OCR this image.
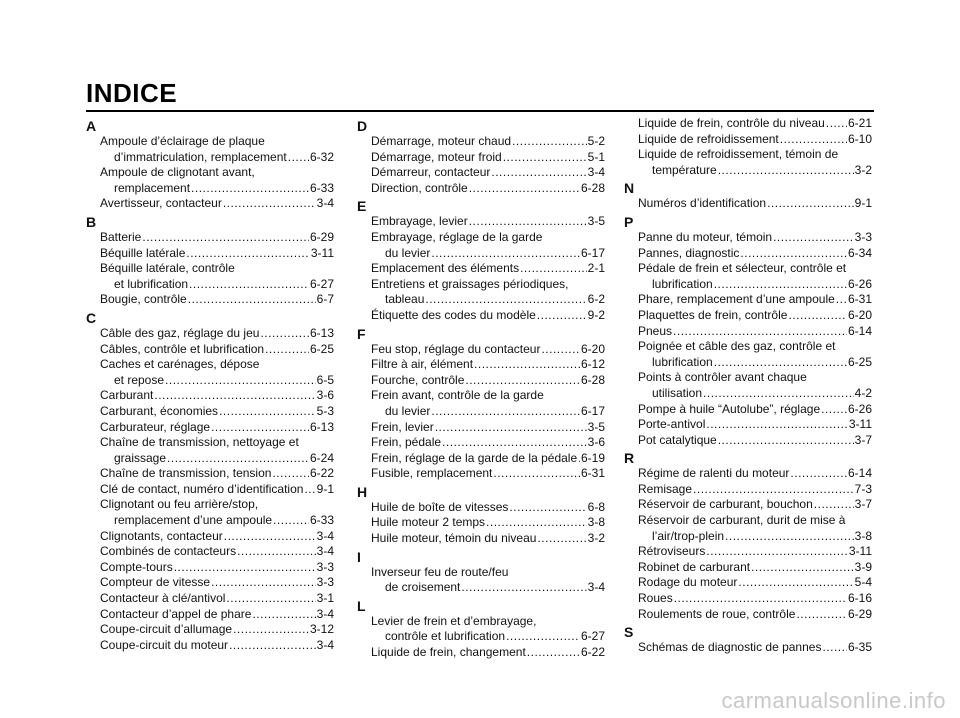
INDICE
A
Ampoule d’éclairage de plaque
d’immatriculation, remplacement ..... 6-32
Ampoule de clignotant avant,
remplacement .....	6-33
Avertisseur, contacteur .....	3-4
B
Batterie .....	6-29
Béquille latérale .....	3-11
Béquille latérale, contrôle
et lubrification .....	6-27
Bougie, contrôle .....	6-7
C
Câble des gaz, réglage du jeu .....	6-13
Câbles, contrôle et lubrification .....	6-25
Caches et carénages, dépose
et repose .....	6-5
Carburant .....	3-6
Carburant, économies .....	5-3
Carburateur, réglage .....	6-13
Chaîne de transmission, nettoyage et
graissage .....	6-24
Chaîne de transmission, tension .....	6-22
Clé de contact, numéro d’identification ..... 9-1
Clignotant ou feu arrière/stop,
remplacement d’une ampoule .....	6-33
Clignotants, contacteur .....	3-4
Combinés de contacteurs .....	3-4
Compte-tours .....	3-3
Compteur de vitesse .....	3-3
Contacteur à clé/antivol .....	3-1
Contacteur d’appel de phare .....	3-4
Coupe-circuit d’allumage .....	3-12
Coupe-circuit du moteur .....	3-4
D
Démarrage, moteur chaud .....	5-2
Démarrage, moteur froid .....	5-1
Démarreur, contacteur .....	3-4
Direction, contrôle .....	6-28
E
Embrayage, levier .....	3-5
Embrayage, réglage de la garde
du levier .....	6-17
Emplacement des éléments .....	2-1
Entretiens et graissages périodiques,
tableau .....	6-2
Étiquette des codes du modèle .....	9-2
F
Feu stop, réglage du contacteur .....	6-20
Filtre à air, élément .....	6-12
Fourche, contrôle .....	6-28
Frein avant, contrôle de la garde
du levier .....	6-17
Frein, levier .....	3-5
Frein, pédale .....	3-6
Frein, réglage de la garde de la pédale ..... 6-19
Fusible, remplacement .....	6-31
H
Huile de boîte de vitesses .....	6-8
Huile moteur 2 temps .....	3-8
Huile moteur, témoin du niveau .....	3-2
I
Inverseur feu de route/feu
de croisement .....	3-4
L
Levier de frein et d’embrayage,
contrôle et lubrification .....	6-27
Liquide de frein, changement .....	6-22
Liquide de frein, contrôle du niveau ..... 6-21
Liquide de refroidissement .....	6-10
Liquide de refroidissement, témoin de
température .....	3-2
N
Numéros d’identification .....	9-1
P
Panne du moteur, témoin .....	3-3
Pannes, diagnostic .....	6-34
Pédale de frein et sélecteur, contrôle et
lubrification .....	6-26
Phare, remplacement d’une ampoule ..... 6-31
Plaquettes de frein, contrôle .....	6-20
Pneus .....	6-14
Poignée et câble des gaz, contrôle et
lubrification .....	6-25
Points à contrôler avant chaque
utilisation .....	4-2
Pompe à huile “Autolube”, réglage ..... 6-26
Porte-antivol .....	3-11
Pot catalytique .....	3-7
R
Régime de ralenti du moteur .....	6-14
Remisage .....	7-3
Réservoir de carburant, bouchon .....	3-7
Réservoir de carburant, durit de mise à
l’air/trop-plein .....	3-8
Rétroviseurs .....	3-11
Robinet de carburant .....	3-9
Rodage du moteur .....	5-4
Roues .....	6-16
Roulements de roue, contrôle .....	6-29
S
Schémas de diagnostic de pannes ..... 6-35
carmanualsonline.info
